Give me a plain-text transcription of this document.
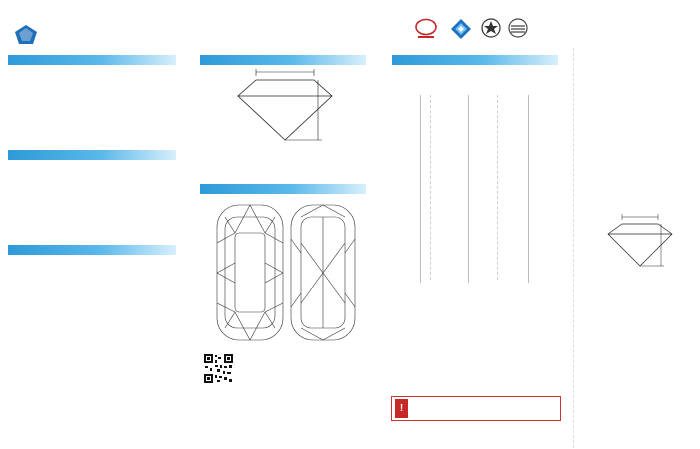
!
